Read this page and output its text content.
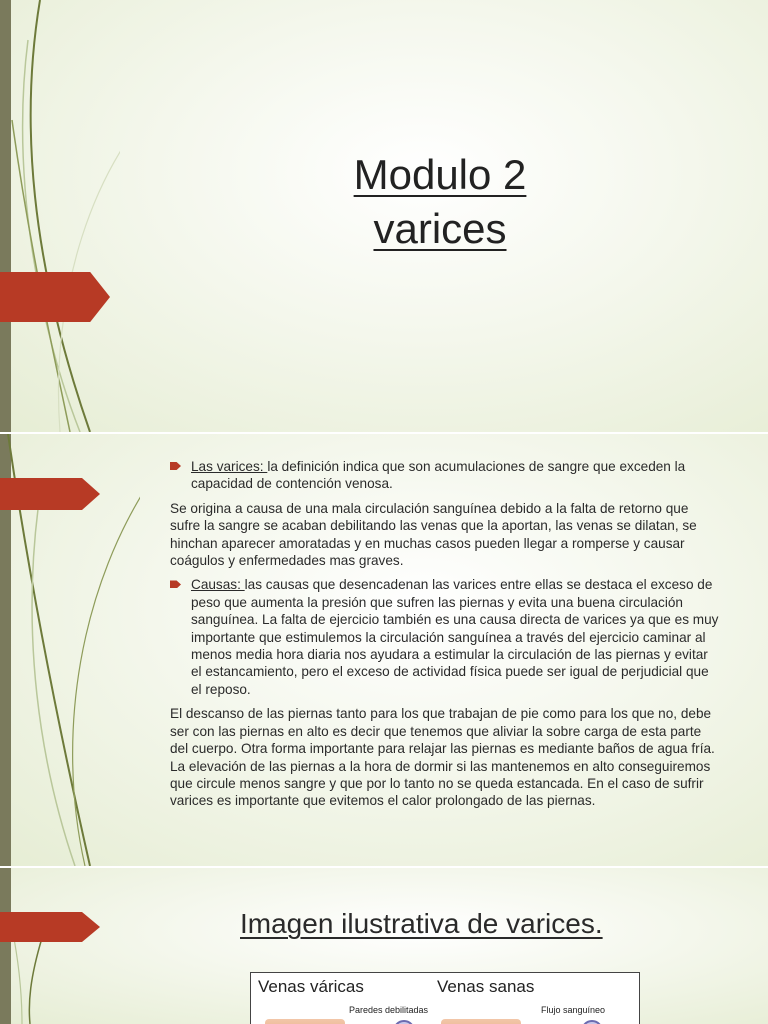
Modulo 2
varices
Las varices: la definición indica que son acumulaciones de sangre que exceden la capacidad de contención venosa.
Se origina a causa de una mala circulación sanguínea debido a la falta de retorno que sufre la sangre se acaban debilitando las venas que la aportan, las venas se dilatan, se hinchan aparecer amoratadas y en muchas casos pueden llegar a romperse y causar coágulos y enfermedades mas graves.
Causas: las causas que desencadenan las varices entre ellas se destaca el exceso de peso que aumenta la presión que sufren las piernas y evita una buena circulación sanguínea. La falta de ejercicio también es una causa directa de varices ya que es muy importante que estimulemos la circulación sanguínea a través del ejercicio caminar al menos media hora diaria nos ayudara a estimular la circulación de las piernas y evitar el estancamiento, pero el exceso de actividad física puede ser igual de perjudicial que el reposo.
El descanso de las piernas tanto para los que trabajan de pie como para los que no, debe ser con las piernas en alto es decir que tenemos que aliviar la sobre carga de esta parte del cuerpo. Otra forma importante para relajar las piernas es mediante baños de agua fría. La elevación de las piernas a la hora de dormir si las mantenemos en alto conseguiremos que circule menos sangre y que por lo tanto no se queda estancada. En el caso de sufrir varices es importante que evitemos el calor prolongado de las piernas.
Imagen ilustrativa de varices.
Venas váricas	Venas sanas
Paredes debilitadas	Flujo sanguíneo
